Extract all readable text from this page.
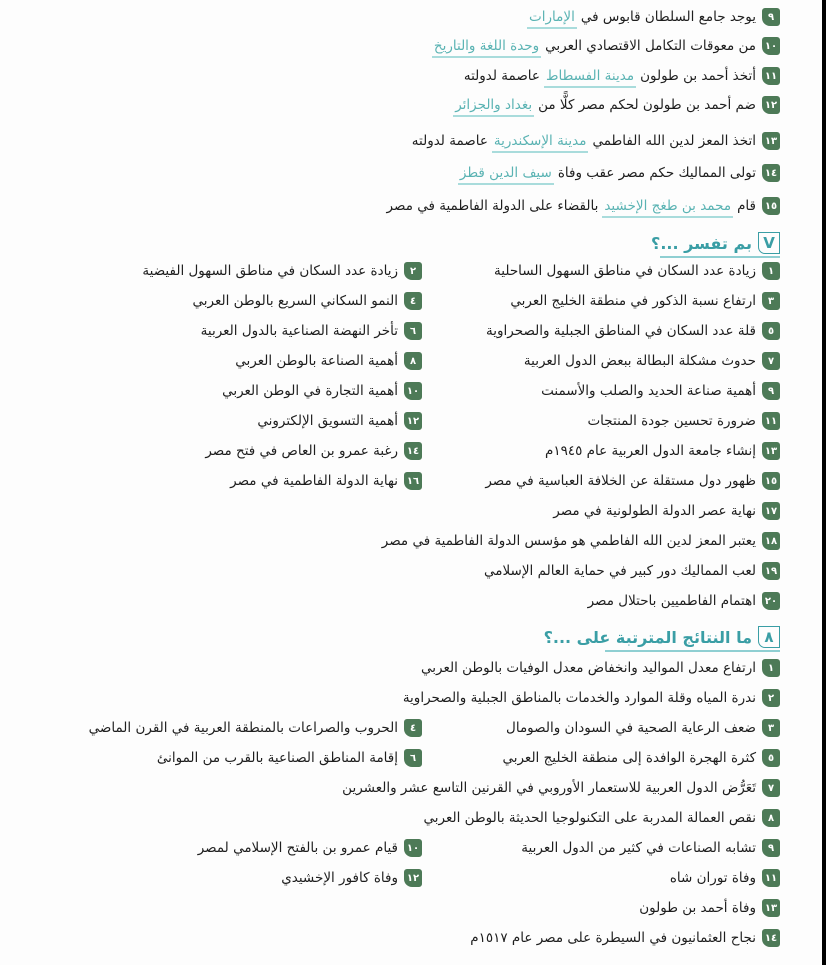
٩
يوجد جامع السلطان قابوس في
الإمارات
١٠
من معوقات التكامل الاقتصادي العربي
وحدة اللغة والتاريخ
١١
أتخذ أحمد بن طولون
مدينة الفسطاط
عاصمة لدولته
١٢
ضم أحمد بن طولون لحكم مصر كلًّا من
بغداد والجزائر
١٣
اتخذ المعز لدين الله الفاطمي
مدينة الإسكندرية
عاصمة لدولته
١٤
تولى المماليك حكم مصر عقب وفاة
سيف الدين قطز
١٥
قام
محمد بن طغج الإخشيد
بالقضاء على الدولة الفاطمية في مصر
V
بم تفسر ...؟
١
زيادة عدد السكان في مناطق السهول الساحلية
٢
زيادة عدد السكان في مناطق السهول الفيضية
٣
ارتفاع نسبة الذكور في منطقة الخليج العربي
٤
النمو السكاني السريع بالوطن العربي
٥
قلة عدد السكان في المناطق الجبلية والصحراوية
٦
تأخر النهضة الصناعية بالدول العربية
٧
حدوث مشكلة البطالة ببعض الدول العربية
٨
أهمية الصناعة بالوطن العربي
٩
أهمية صناعة الحديد والصلب والأسمنت
١٠
أهمية التجارة في الوطن العربي
١١
ضرورة تحسين جودة المنتجات
١٢
أهمية التسويق الإلكتروني
١٣
إنشاء جامعة الدول العربية عام ١٩٤٥م
١٤
رغبة عمرو بن العاص في فتح مصر
١٥
ظهور دول مستقلة عن الخلافة العباسية في مصر
١٦
نهاية الدولة الفاطمية في مصر
١٧
نهاية عصر الدولة الطولونية في مصر
١٨
يعتبر المعز لدين الله الفاطمي هو مؤسس الدولة الفاطمية في مصر
١٩
لعب المماليك دور كبير في حماية العالم الإسلامي
٢٠
اهتمام الفاطميين باحتلال مصر
٨
ما النتائج المترتبة على ...؟
١
ارتفاع معدل المواليد وانخفاض معدل الوفيات بالوطن العربي
٢
ندرة المياه وقلة الموارد والخدمات بالمناطق الجبلية والصحراوية
٣
ضعف الرعاية الصحية في السودان والصومال
٤
الحروب والصراعات بالمنطقة العربية في القرن الماضي
٥
كثرة الهجرة الوافدة إلى منطقة الخليج العربي
٦
إقامة المناطق الصناعية بالقرب من الموانئ
٧
تَعَرُّض الدول العربية للاستعمار الأوروبي في القرنين التاسع عشر والعشرين
٨
نقص العمالة المدربة على التكنولوجيا الحديثة بالوطن العربي
٩
تشابه الصناعات في كثير من الدول العربية
١٠
قيام عمرو بن بالفتح الإسلامي لمصر
١١
وفاة توران شاه
١٢
وفاة كافور الإخشيدي
١٣
وفاة أحمد بن طولون
١٤
نجاح العثمانيون في السيطرة على مصر عام ١٥١٧م
